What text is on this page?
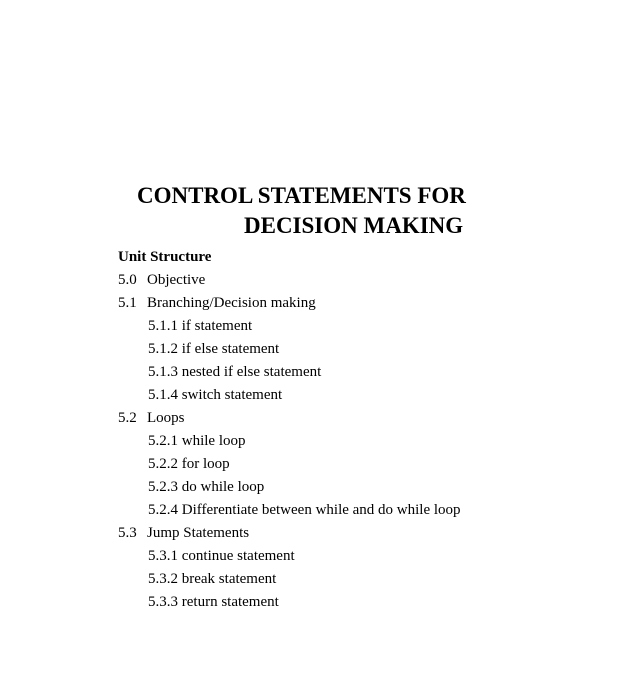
CONTROL STATEMENTS FOR
DECISION MAKING
Unit Structure
5.0 Objective
5.1 Branching/Decision making
5.1.1 if statement
5.1.2 if else statement
5.1.3 nested if else statement
5.1.4 switch statement
5.2 Loops
5.2.1 while loop
5.2.2 for loop
5.2.3 do while loop
5.2.4 Differentiate between while and do while loop
5.3 Jump Statements
5.3.1 continue statement
5.3.2 break statement
5.3.3 return statement
